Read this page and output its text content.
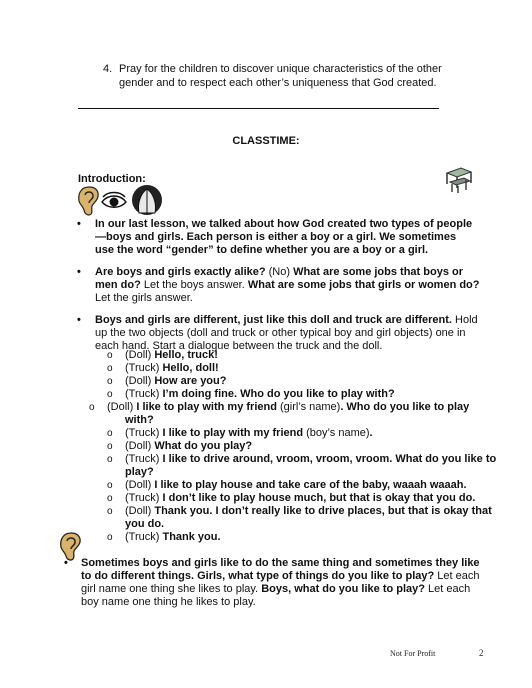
4. Pray for the children to discover unique characteristics of the other gender and to respect each other’s uniqueness that God created.
CLASSTIME:
Introduction:
• In our last lesson, we talked about how God created two types of people—boys and girls. Each person is either a boy or a girl. We sometimes use the word “gender” to define whether you are a boy or a girl.
• Are boys and girls exactly alike? (No) What are some jobs that boys or men do? Let the boys answer. What are some jobs that girls or women do? Let the girls answer.
• Boys and girls are different, just like this doll and truck are different. Hold up the two objects (doll and truck or other typical boy and girl objects) one in each hand. Start a dialogue between the truck and the doll.
o (Doll) Hello, truck!
o (Truck) Hello, doll!
o (Doll) How are you?
o (Truck) I’m doing fine. Who do you like to play with?
o	(Doll) I like to play with my friend (girl’s name). Who do you like to play with?
o (Truck) I like to play with my friend (boy’s name).
o (Doll) What do you play?
o (Truck) I like to drive around, vroom, vroom, vroom. What do you like to play?
o (Doll) I like to play house and take care of the baby, waaah waaah.
o (Truck) I don’t like to play house much, but that is okay that you do.
o (Doll) Thank you. I don’t really like to drive places, but that is okay that you do.
o (Truck) Thank you.
• Sometimes boys and girls like to do the same thing and sometimes they like to do different things. Girls, what type of things do you like to play? Let each girl name one thing she likes to play. Boys, what do you like to play? Let each boy name one thing he likes to play.
Not For Profit	2
